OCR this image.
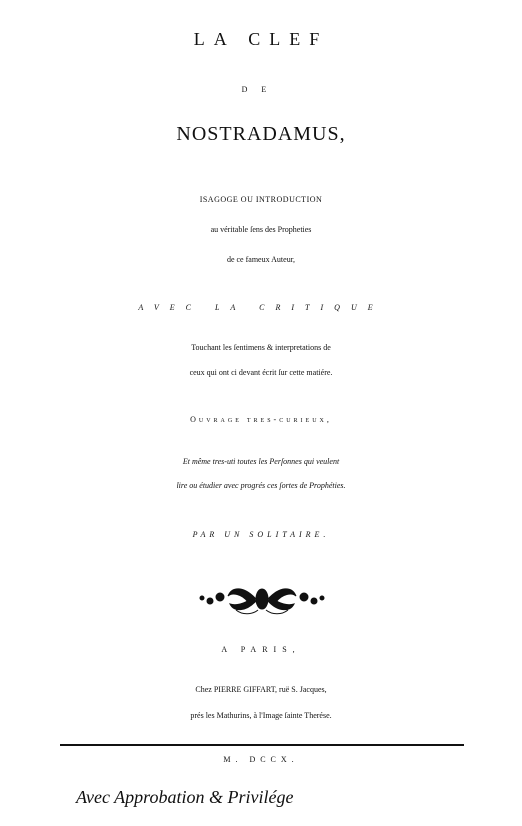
LA CLEF
DE
NOSTRADAMUS,
ISAGOGE OU INTRODUCTION
au véritable ſens des Propheties
de ce fameux Auteur,
AVEC LA CRITIQUE
Touchant les ſentimens & interpretations de
ceux qui ont ci devant écrit ſur cette matiére.
Ouvrage tres-curieux,
Et même tres-uti toutes les Perſonnes qui veulent
lire ou étudier avec progrés ces ſortes de Prophéties.
PAR UN SOLITAIRE.
A PARIS,
Chez PIERRE GIFFART, ruë S. Jacques,
prés les Mathurins, à l'Image ſainte Therése.
M. DCCX.
Avec Approbation & Privilége
